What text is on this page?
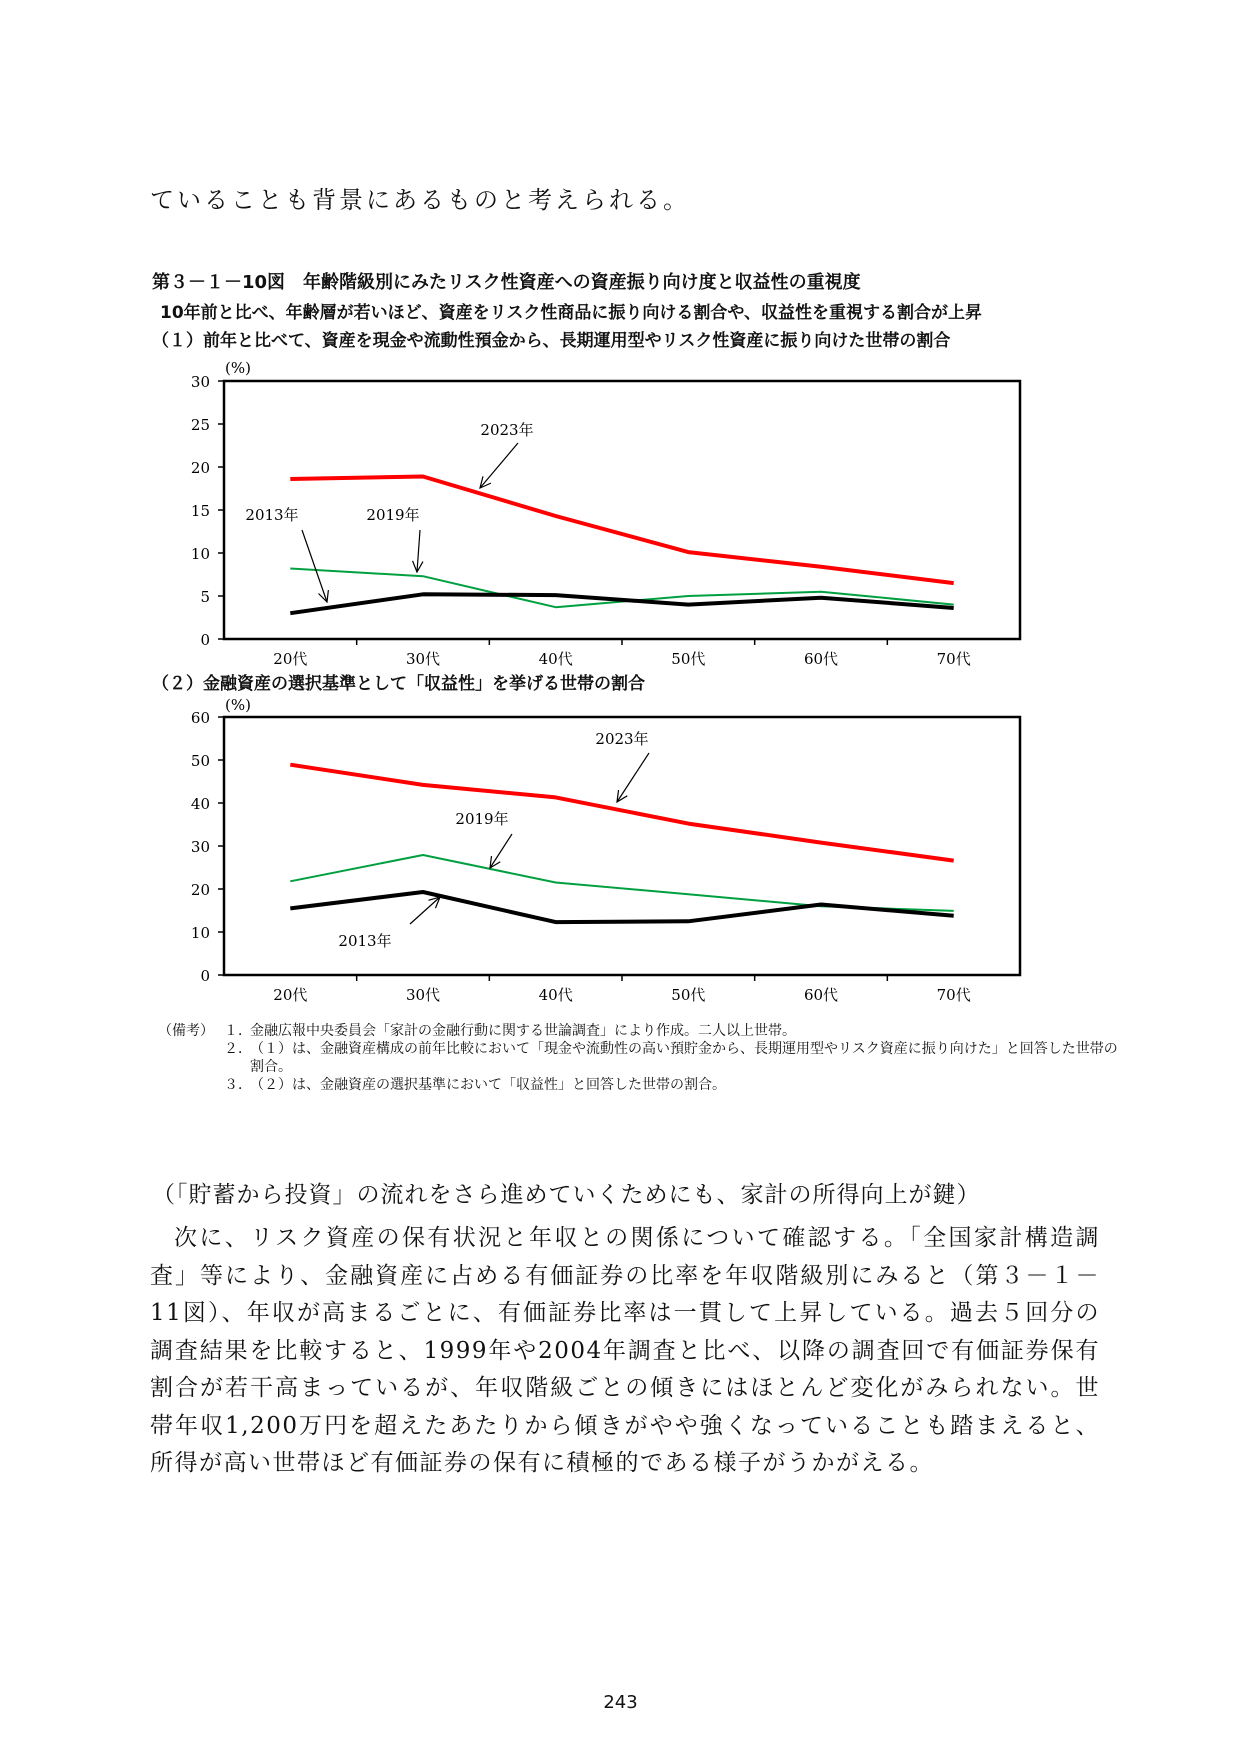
ていることも背景にあるものと考えられる。
第３－１－10図　年齢階級別にみたリスク性資産への資産振り向け度と収益性の重視度
10年前と比べ、年齢層が若いほど、資産をリスク性商品に振り向ける割合や、収益性を重視する割合が上昇
（１）前年と比べて、資産を現金や流動性預金から、長期運用型やリスク性資産に振り向けた世帯の割合
（２）金融資産の選択基準として「収益性」を挙げる世帯の割合
0
5
10
15
20
25
30
20代	30代	40代	50代	60代	70代
(%)
2023年
2019年
2013年
0
10
20
30
40
50
60
20代	30代	40代	50代	60代	70代
(%)
2023年
2019年
2013年
（備考） １．
金融広報中央委員会「家計の金融行動に関する世論調査」により作成。二人以上世帯。
２．
（１）は、金融資産構成の前年比較において「現金や流動性の高い預貯金から、長期運用型やリスク資産に振り向けた」と回答した世帯の割合。
３．
（２）は、金融資産の選択基準において「収益性」と回答した世帯の割合。
（「貯蓄から投資」の流れをさら進めていくためにも、家計の所得向上が鍵）
次に、リスク資産の保有状況と年収との関係について確認する。「全国家計構造調査」等により、金融資産に占める有価証券の比率を年収階級別にみると（第３－１－11図）、年収が高まるごとに、有価証券比率は一貫して上昇している。過去５回分の調査結果を比較すると、1999年や2004年調査と比べ、以降の調査回で有価証券保有割合が若干高まっているが、年収階級ごとの傾きにはほとんど変化がみられない。世帯年収1,200万円を超えたあたりから傾きがやや強くなっていることも踏まえると、所得が高い世帯ほど有価証券の保有に積極的である様子がうかがえる。
243
